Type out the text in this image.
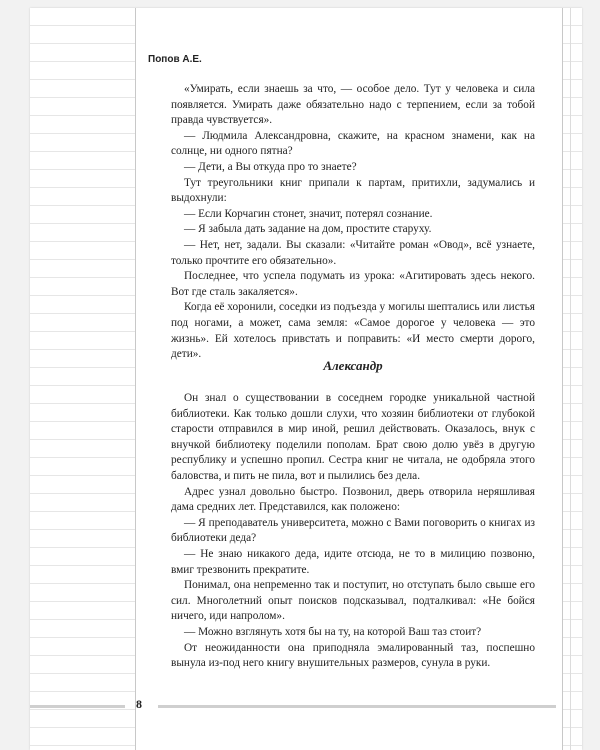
Попов А.Е.

«Умирать, если знаешь за что, — особое дело. Тут у человека и сила появляется. Умирать даже обязательно надо с терпением, если за тобой правда чувствуется».

— Людмила Александровна, скажите, на красном знамени, как на солнце, ни одного пятна?

— Дети, а Вы откуда про то знаете?

Тут треугольники книг припали к партам, притихли, задумались и выдохнули:

— Если Корчагин стонет, значит, потерял сознание.

— Я забыла дать задание на дом, простите старуху.

— Нет, нет, задали. Вы сказали: «Читайте роман «Овод», всё узнаете, только прочтите его обязательно».

Последнее, что успела подумать из урока: «Агитировать здесь некого. Вот где сталь закаляется».

Когда её хоронили, соседки из подъезда у могилы шептались или листья под ногами, а может, сама земля: «Самое дорогое у человека — это жизнь». Ей хотелось привстать и поправить: «И место смерти дорого, дети».

Александр

Он знал о существовании в соседнем городке уникальной частной библиотеки. Как только дошли слухи, что хозяин библиотеки от глубокой старости отправился в мир иной, решил действовать. Оказалось, внук с внучкой библиотеку поделили пополам. Брат свою долю увёз в другую республику и успешно пропил. Сестра книг не читала, не одобряла этого баловства, и пить не пила, вот и пылились без дела.

Адрес узнал довольно быстро. Позвонил, дверь отворила неряшливая дама средних лет. Представился, как положено:

— Я преподаватель университета, можно с Вами поговорить о книгах из библиотеки деда?

— Не знаю никакого деда, идите отсюда, не то в милицию позвоню, вмиг трезвонить прекратите.

Понимал, она непременно так и поступит, но отступать было свыше его сил. Многолетний опыт поисков подсказывал, подталкивал: «Не бойся ничего, иди напролом».

— Можно взглянуть хотя бы на ту, на которой Ваш таз стоит?

От неожиданности она приподняла эмалированный таз, поспешно вынула из-под него книгу внушительных размеров, сунула в руки.

8
